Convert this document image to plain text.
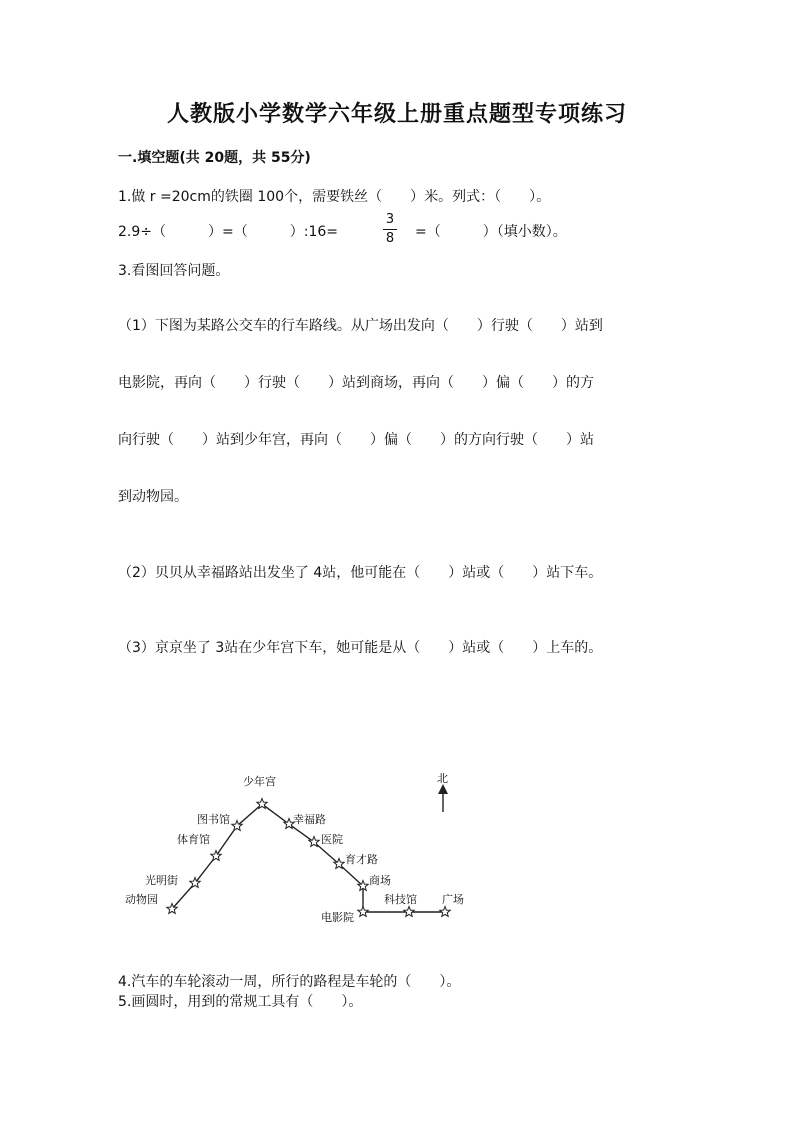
人教版小学数学六年级上册重点题型专项练习
一.填空题(共 20题，共 55分)
1.做 r =20cm的铁圈 100个，需要铁丝（　　）米。列式：（　　）。
2.9÷（　　　）=（　　　）:16=
3
8 =（　　　）（填小数）。
3.看图回答问题。
（1）下图为某路公交车的行车路线。从广场出发向（　　）行驶（　　）站到
电影院，再向（　　）行驶（　　）站到商场，再向（　　）偏（　　）的方
向行驶（　　）站到少年宫，再向（　　）偏（　　）的方向行驶（　　）站
到动物园。
（2）贝贝从幸福路站出发坐了 4站，他可能在（　　）站或（　　）站下车。
（3）京京坐了 3站在少年宫下车，她可能是从（　　）站或（　　）上车的。
北
少年宫
图书馆
体育馆
光明街
动物园
幸福路
医院
育才路
商场
电影院
科技馆 广场
4.汽车的车轮滚动一周，所行的路程是车轮的（　　）。
5.画圆时，用到的常规工具有（　　）。
